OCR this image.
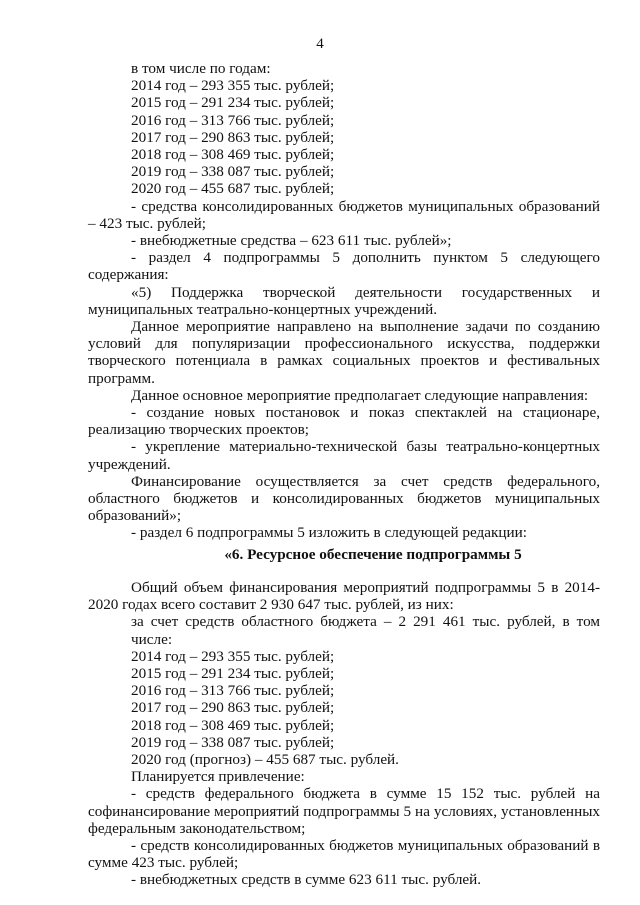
4

в том числе по годам:

2014 год – 293 355 тыс. рублей;

2015 год – 291 234 тыс. рублей;

2016 год – 313 766 тыс. рублей;

2017 год – 290 863 тыс. рублей;

2018 год – 308 469 тыс. рублей;

2019 год – 338 087 тыс. рублей;

2020 год – 455 687 тыс. рублей;

- средства консолидированных бюджетов муниципальных образований – 423 тыс. рублей;

- внебюджетные средства – 623 611 тыс. рублей»;

- раздел 4 подпрограммы 5 дополнить пунктом 5 следующего содержания:

«5) Поддержка творческой деятельности государственных и муниципальных театрально-концертных учреждений.

Данное мероприятие направлено на выполнение задачи по созданию условий для популяризации профессионального искусства, поддержки творческого потенциала в рамках социальных проектов и фестивальных программ.

Данное основное мероприятие предполагает следующие направления:

- создание новых постановок и показ спектаклей на стационаре, реализацию творческих проектов;

- укрепление материально-технической базы театрально-концертных учреждений.

Финансирование осуществляется за счет средств федерального, областного бюджетов и консолидированных бюджетов муниципальных образований»;

- раздел 6 подпрограммы 5 изложить в следующей редакции:

«6. Ресурсное обеспечение подпрограммы 5

Общий объем финансирования мероприятий подпрограммы 5 в 2014-2020 годах всего составит 2 930 647 тыс. рублей, из них:

за счет средств областного бюджета – 2 291 461 тыс. рублей, в том числе:

2014 год – 293 355 тыс. рублей;

2015 год – 291 234 тыс. рублей;

2016 год – 313 766 тыс. рублей;

2017 год – 290 863 тыс. рублей;

2018 год – 308 469 тыс. рублей;

2019 год – 338 087 тыс. рублей;

2020 год (прогноз) – 455 687 тыс. рублей.

Планируется привлечение:

- средств федерального бюджета в сумме 15 152 тыс. рублей на софинансирование мероприятий подпрограммы 5 на условиях, установленных федеральным законодательством;

- средств консолидированных бюджетов муниципальных образований в сумме 423 тыс. рублей;

- внебюджетных средств в сумме 623 611 тыс. рублей.
